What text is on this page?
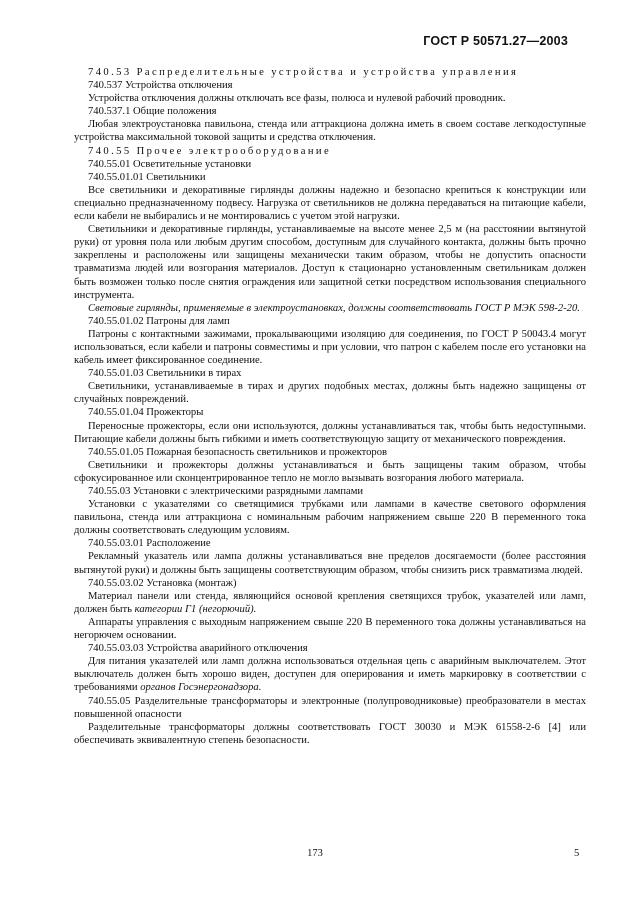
ГОСТ Р 50571.27—2003

740.53 Распределительные устройства и устройства управления

740.537 Устройства отключения

Устройства отключения должны отключать все фазы, полюса и нулевой рабочий проводник.

740.537.1 Общие положения

Любая электроустановка павильона, стенда или аттракциона должна иметь в своем составе легкодоступные устройства максимальной токовой защиты и средства отключения.

740.55 Прочее электрооборудование

740.55.01 Осветительные установки

740.55.01.01 Светильники

Все светильники и декоративные гирлянды должны надежно и безопасно крепиться к конструкции или специально предназначенному подвесу. Нагрузка от светильников не должна передаваться на питающие кабели, если кабели не выбирались и не монтировались с учетом этой нагрузки.

Светильники и декоративные гирлянды, устанавливаемые на высоте менее 2,5 м (на расстоянии вытянутой руки) от уровня пола или любым другим способом, доступным для случайного контакта, должны быть прочно закреплены и расположены или защищены механически таким образом, чтобы не допустить опасности травматизма людей или возгорания материалов. Доступ к стационарно установленным светильникам должен быть возможен только после снятия ограждения или защитной сетки посредством использования специального инструмента.

Световые гирлянды, применяемые в электроустановках, должны соответствовать ГОСТ Р МЭК 598-2-20.

740.55.01.02 Патроны для ламп

Патроны с контактными зажимами, прокалывающими изоляцию для соединения, по ГОСТ Р 50043.4 могут использоваться, если кабели и патроны совместимы и при условии, что патрон с кабелем после его установки на кабель имеет фиксированное соединение.

740.55.01.03 Светильники в тирах

Светильники, устанавливаемые в тирах и других подобных местах, должны быть надежно защищены от случайных повреждений.

740.55.01.04 Прожекторы

Переносные прожекторы, если они используются, должны устанавливаться так, чтобы быть недоступными. Питающие кабели должны быть гибкими и иметь соответствующую защиту от механического повреждения.

740.55.01.05 Пожарная безопасность светильников и прожекторов

Светильники и прожекторы должны устанавливаться и быть защищены таким образом, чтобы сфокусированное или сконцентрированное тепло не могло вызывать возгорания любого материала.

740.55.03 Установки с электрическими разрядными лампами

Установки с указателями со светящимися трубками или лампами в качестве светового оформления павильона, стенда или аттракциона с номинальным рабочим напряжением свыше 220 В переменного тока должны соответствовать следующим условиям.

740.55.03.01 Расположение

Рекламный указатель или лампа должны устанавливаться вне пределов досягаемости (более расстояния вытянутой руки) и должны быть защищены соответствующим образом, чтобы снизить риск травматизма людей.

740.55.03.02 Установка (монтаж)

Материал панели или стенда, являющийся основой крепления светящихся трубок, указателей или ламп, должен быть категории Г1 (негорючий).

Аппараты управления с выходным напряжением свыше 220 В переменного тока должны устанавливаться на негорючем основании.

740.55.03.03 Устройства аварийного отключения

Для питания указателей или ламп должна использоваться отдельная цепь с аварийным выключателем. Этот выключатель должен быть хорошо виден, доступен для оперирования и иметь маркировку в соответствии с требованиями органов Госэнергонадзора.

740.55.05 Разделительные трансформаторы и электронные (полупроводниковые) преобразователи в местах повышенной опасности

Разделительные трансформаторы должны соответствовать ГОСТ 30030 и МЭК 61558-2-6 [4] или обеспечивать эквивалентную степень безопасности.

173	5
